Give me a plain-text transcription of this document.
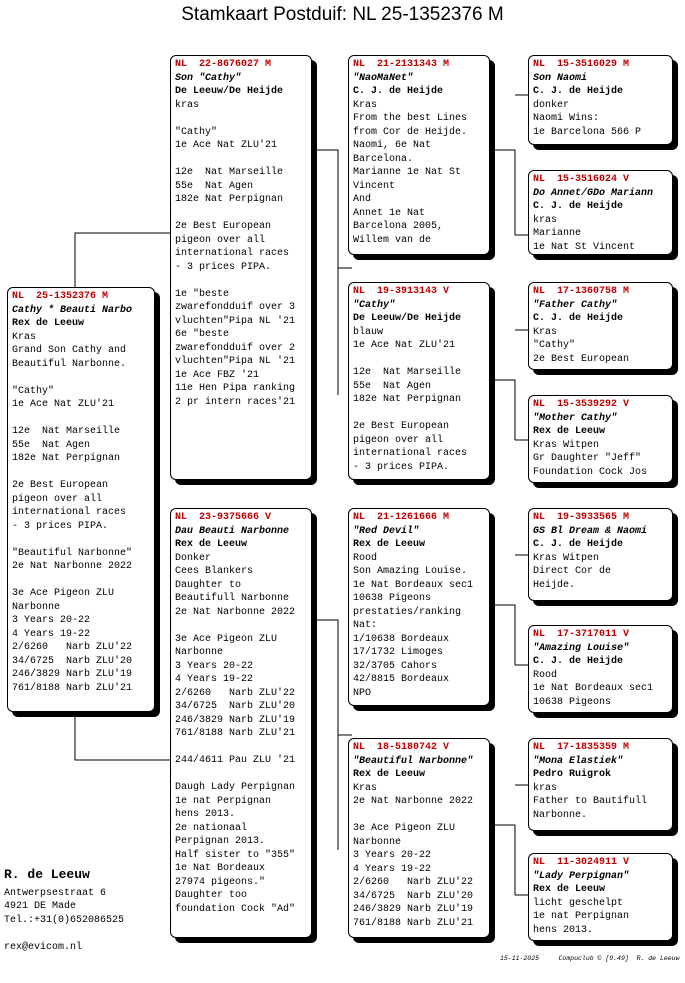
Stamkaart Postduif: NL 25-1352376 M
NL  25-1352376 M
Cathy * Beauti Narbo
Rex de Leeuw
Kras
Grand Son Cathy and
Beautiful Narbonne.
"Cathy"
1e Ace Nat ZLU'21
12e  Nat Marseille
55e  Nat Agen
182e Nat Perpignan
2e Best European
pigeon over all
international races
- 3 prices PIPA.
"Beautiful Narbonne"
2e Nat Narbonne 2022
3e Ace Pigeon ZLU
Narbonne
3 Years 20-22
4 Years 19-22
2/6260   Narb ZLU'22
34/6725  Narb ZLU'20
246/3829 Narb ZLU'19
761/8188 Narb ZLU'21
NL  22-8676027 M
Son "Cathy"
De Leeuw/De Heijde
kras
"Cathy"
1e Ace Nat ZLU'21
12e  Nat Marseille
55e  Nat Agen
182e Nat Perpignan
2e Best European
pigeon over all
international races
- 3 prices PIPA.
1e "beste
zwarefondduif over 3
vluchten"Pipa NL '21
6e "beste
zwarefondduif over 2
vluchten"Pipa NL '21
1e Ace FBZ '21
11e Hen Pipa ranking
2 pr intern races'21
NL  23-9375666 V
Dau Beauti Narbonne
Rex de Leeuw
Donker
Cees Blankers
Daughter to
Beautifull Narbonne
2e Nat Narbonne 2022
3e Ace Pigeon ZLU
Narbonne
3 Years 20-22
4 Years 19-22
2/6260   Narb ZLU'22
34/6725  Narb ZLU'20
246/3829 Narb ZLU'19
761/8188 Narb ZLU'21
244/4611 Pau ZLU '21
Daugh Lady Perpignan
1e nat Perpignan
hens 2013.
2e nationaal
Perpignan 2013.
Half sister to "355"
1e Nat Bordeaux
27974 pigeons."
Daughter too
foundation Cock "Ad"
NL  21-2131343 M
"NaoMaNet"
C. J. de Heijde
Kras
From the best Lines
from Cor de Heijde.
Naomi, 6e Nat
Barcelona.
Marianne 1e Nat St
Vincent
And
Annet 1e Nat
Barcelona 2005,
Willem van de
NL  19-3913143 V
"Cathy"
De Leeuw/De Heijde
blauw
1e Ace Nat ZLU'21
12e  Nat Marseille
55e  Nat Agen
182e Nat Perpignan
2e Best European
pigeon over all
international races
- 3 prices PIPA.
NL  21-1261666 M
"Red Devil"
Rex de Leeuw
Rood
Son Amazing Louise.
1e Nat Bordeaux sec1
10638 Pigeons
prestaties/ranking
Nat:
1/10638 Bordeaux
17/1732 Limoges
32/3705 Cahors
42/8815 Bordeaux
NPO
NL  18-5180742 V
"Beautiful Narbonne"
Rex de Leeuw
Kras
2e Nat Narbonne 2022
3e Ace Pigeon ZLU
Narbonne
3 Years 20-22
4 Years 19-22
2/6260   Narb ZLU'22
34/6725  Narb ZLU'20
246/3829 Narb ZLU'19
761/8188 Narb ZLU'21
NL  15-3516029 M
Son Naomi
C. J. de Heijde
donker
Naomi Wins:
1e Barcelona 566 P
NL  15-3516024 V
Do Annet/GDo Mariann
C. J. de Heijde
kras
Marianne
1e Nat St Vincent
NL  17-1360758 M
"Father Cathy"
C. J. de Heijde
Kras
"Cathy"
2e Best European
NL  15-3539292 V
"Mother Cathy"
Rex de Leeuw
Kras Witpen
Gr Daughter "Jeff"
Foundation Cock Jos
NL  19-3933565 M
GS Bl Dream & Naomi
C. J. de Heijde
Kras Witpen
Direct Cor de
Heijde.
NL  17-3717011 V
"Amazing Louise"
C. J. de Heijde
Rood
1e Nat Bordeaux sec1
10638 Pigeons
NL  17-1835359 M
"Mona Elastiek"
Pedro Ruigrok
kras
Father to Bautifull
Narbonne.
NL  11-3024911 V
"Lady Perpignan"
Rex de Leeuw
licht geschelpt
1e nat Perpignan
hens 2013.
R. de Leeuw
Antwerpsestraat 6
4921 DE Made
Tel.:+31(0)652086525
rex@evicom.nl
15-11-2025	Compuclub © [9.49] R. de Leeuw
